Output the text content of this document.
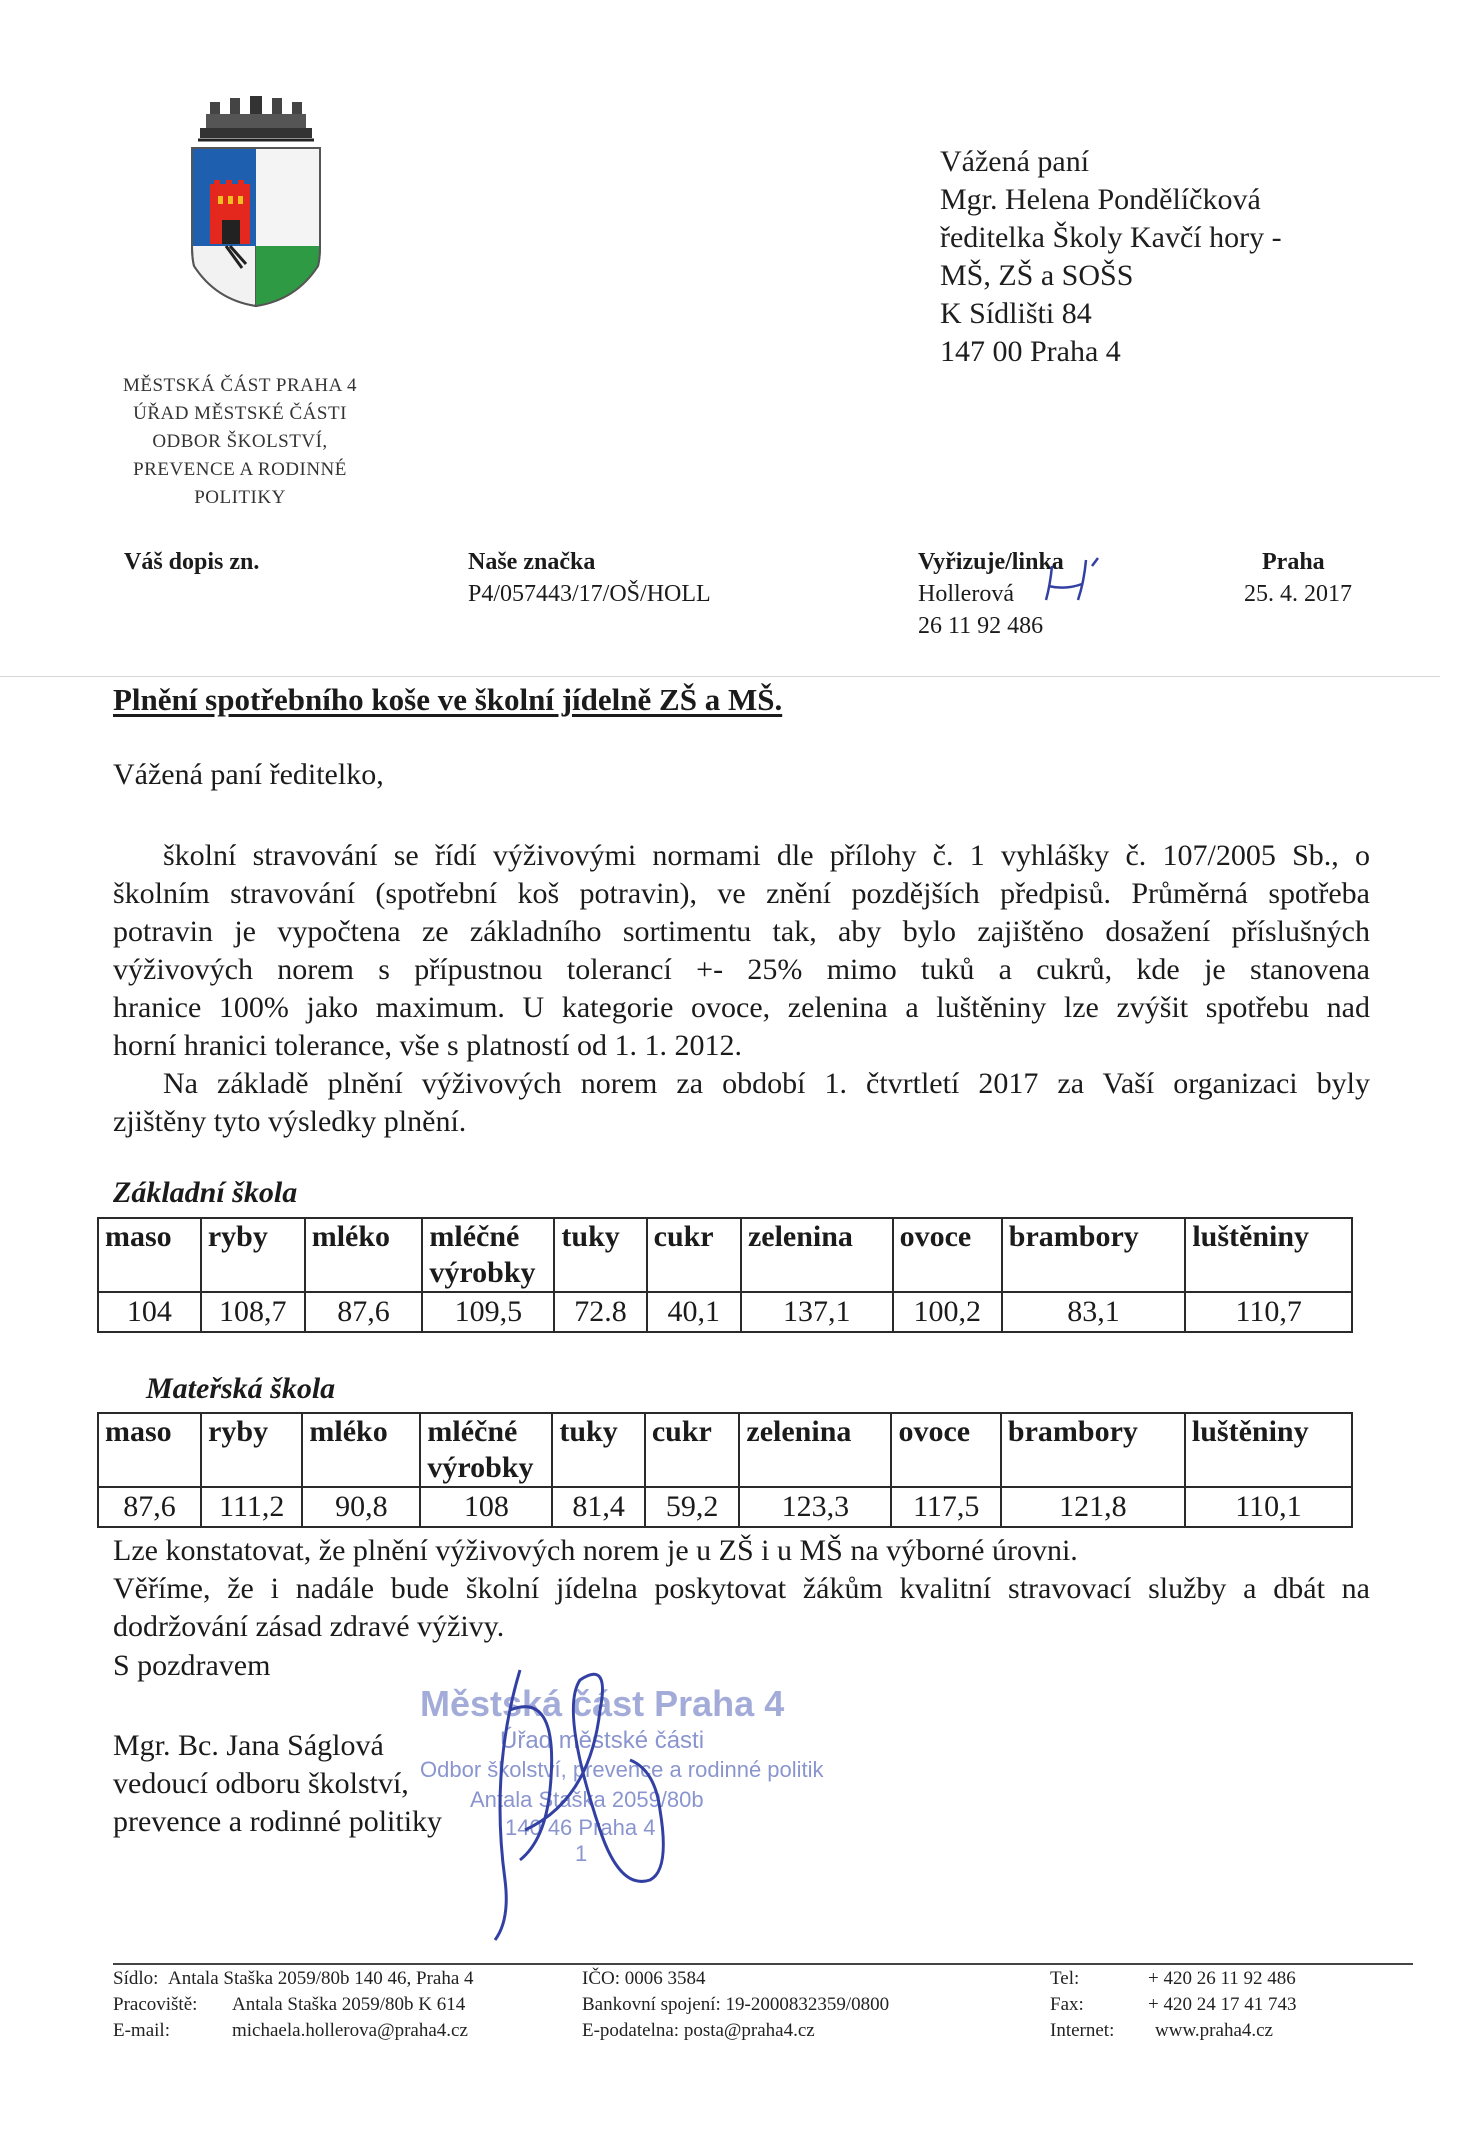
MĚSTSKÁ ČÁST PRAHA 4
ÚŘAD MĚSTSKÉ ČÁSTI
ODBOR ŠKOLSTVÍ,
PREVENCE A RODINNÉ
POLITIKY
Vážená paní
Mgr. Helena Pondělíčková
ředitelka Školy Kavčí hory -
MŠ, ZŠ a SOŠS
K Sídlišti 84
147 00 Praha 4
Váš dopis zn.	Naše značka
P4/057443/17/OŠ/HOLL
Vyřizuje/linka
Hollerová
26 11 92 486
Praha
25. 4. 2017
Plnění spotřebního koše ve školní jídelně ZŠ a MŠ.
Vážená paní ředitelko,
školní stravování se řídí výživovými normami dle přílohy č. 1 vyhlášky č. 107/2005 Sb., o
školním stravování (spotřební koš potravin), ve znění pozdějších předpisů. Průměrná spotřeba
potravin je vypočtena ze základního sortimentu tak, aby bylo zajištěno dosažení příslušných
výživových norem s přípustnou tolerancí +- 25% mimo tuků a cukrů, kde je stanovena
hranice 100% jako maximum. U kategorie ovoce, zelenina a luštěniny lze zvýšit spotřebu nad
horní hranici tolerance, vše s platností od 1. 1. 2012.
Na základě plnění výživových norem za období 1. čtvrtletí 2017 za Vaší organizaci byly
zjištěny tyto výsledky plnění.
Základní škola
maso	ryby	mléko	mléčné výrobky	tuky	cukr	zelenina	ovoce	brambory	luštěniny
104	108,7	87,6	109,5	72.8	40,1	137,1	100,2	83,1	110,7
Mateřská škola
maso	ryby	mléko	mléčné výrobky	tuky	cukr	zelenina	ovoce	brambory	luštěniny
87,6	111,2	90,8	108	81,4	59,2	123,3	117,5	121,8	110,1
Lze konstatovat, že plnění výživových norem je u ZŠ i u MŠ na výborné úrovni.
Věříme, že i nadále bude školní jídelna poskytovat žákům kvalitní stravovací služby a dbát na
dodržování zásad zdravé výživy.
S pozdravem
Městská část Praha 4
Úřad městské části
Odbor školství, prevence a rodinné politik
Antala Staška 2059/80b
140 46 Praha 4
1
Mgr. Bc. Jana Ságlová
vedoucí odboru školství,
prevence a rodinné politiky
Sídlo: Antala Staška 2059/80b 140 46, Praha 4
Pracoviště: Antala Staška 2059/80b K 614
E-mail:	michaela.hollerova@praha4.cz
IČO: 0006 3584
Bankovní spojení: 19-2000832359/0800
E-podatelna: posta@praha4.cz
Tel:	+ 420 26 11 92 486
Fax:	+ 420 24 17 41 743
Internet: www.praha4.cz
